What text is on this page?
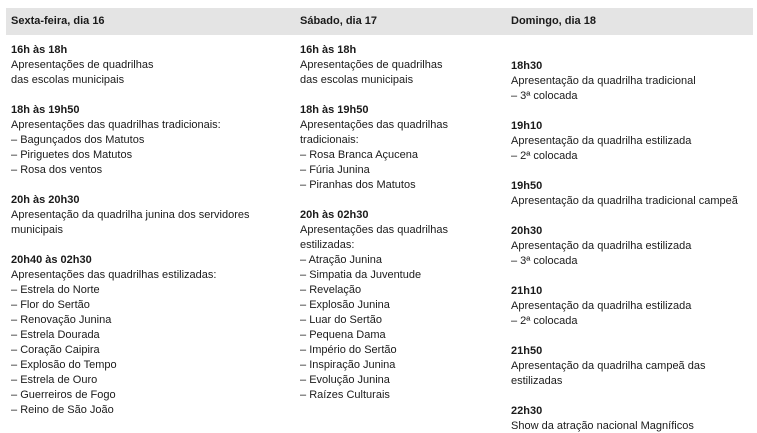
Sexta-feira, dia 16	Sábado, dia 17	Domingo, dia 18
16h às 18h
Apresentações de quadrilhas
das escolas municipais
18h às 19h50
Apresentações das quadrilhas tradicionais:
– Bagunçados dos Matutos
– Piriguetes dos Matutos
– Rosa dos ventos
20h às 20h30
Apresentação da quadrilha junina dos servidores
municipais
20h40 às 02h30
Apresentações das quadrilhas estilizadas:
– Estrela do Norte
– Flor do Sertão
– Renovação Junina
– Estrela Dourada
– Coração Caipira
– Explosão do Tempo
– Estrela de Ouro
– Guerreiros de Fogo
– Reino de São João
16h às 18h
Apresentações de quadrilhas
das escolas municipais
18h às 19h50
Apresentações das quadrilhas
tradicionais:
– Rosa Branca Açucena
– Fúria Junina
– Piranhas dos Matutos
20h às 02h30
Apresentações das quadrilhas estilizadas:
– Atração Junina
– Simpatia da Juventude
– Revelação
– Explosão Junina
– Luar do Sertão
– Pequena Dama
– Império do Sertão
– Inspiração Junina
– Evolução Junina
– Raízes Culturais
18h30
Apresentação da quadrilha tradicional
– 3ª colocada
19h10
Apresentação da quadrilha estilizada
– 2ª colocada
19h50
Apresentação da quadrilha tradicional campeã
20h30
Apresentação da quadrilha estilizada
– 3ª colocada
21h10
Apresentação da quadrilha estilizada
– 2ª colocada
21h50
Apresentação da quadrilha campeã das
estilizadas
22h30
Show da atração nacional Magníficos
